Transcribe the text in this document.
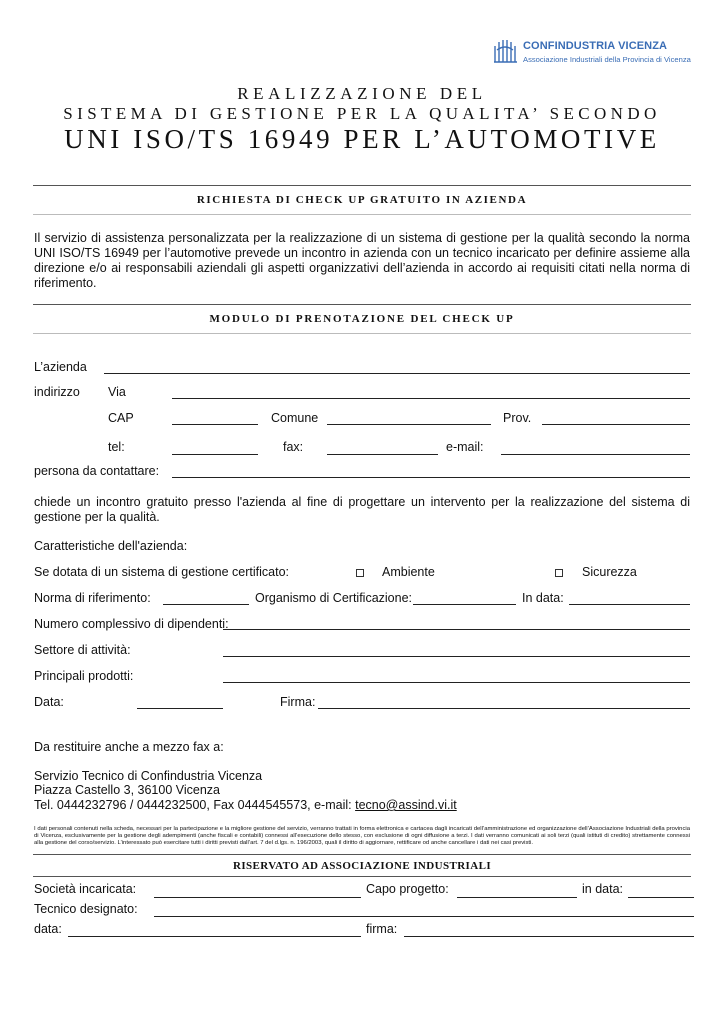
CONFINDUSTRIA VICENZA
Associazione Industriali della Provincia di Vicenza
REALIZZAZIONE DEL
SISTEMA DI GESTIONE PER LA QUALITA’ SECONDO
UNI ISO/TS 16949 PER L’AUTOMOTIVE
RICHIESTA DI CHECK UP GRATUITO IN AZIENDA
Il servizio di assistenza personalizzata per la realizzazione di un sistema di gestione per la qualità secondo la norma UNI ISO/TS 16949 per l’automotive prevede un incontro in azienda con un tecnico incaricato per definire assieme alla direzione e/o ai responsabili aziendali gli aspetti organizzativi dell’azienda in accordo ai requisiti citati nella norma di riferimento.
MODULO DI PRENOTAZIONE DEL CHECK UP
L’azienda
indirizzo Via
CAP	Comune	Prov.
tel:	fax:	e-mail:
persona da contattare:
chiede un incontro gratuito presso l'azienda al fine di progettare un intervento per la realizzazione del sistema di gestione per la qualità.
Caratteristiche dell'azienda:
Se dotata di un sistema di gestione certificato:	Ambiente	Sicurezza
Norma di riferimento:	Organismo di Certificazione:	In data:
Numero complessivo di dipendenti:
Settore di attività:
Principali prodotti:
Data:	Firma:
Da restituire anche a mezzo fax a:
Servizio Tecnico di Confindustria Vicenza
Piazza Castello 3, 36100 Vicenza
Tel. 0444232796 / 0444232500, Fax 0444545573, e-mail: tecno@assind.vi.it
I dati personali contenuti nella scheda, necessari per la partecipazione e la migliore gestione del servizio, verranno trattati in forma elettronica e cartacea dagli incaricati dell’amministrazione ed organizzazione dell’Associazione Industriali della provincia di Vicenza, esclusivamente per la gestione degli adempimenti (anche fiscali e contabili) connessi all’esecuzione dello stesso, con esclusione di ogni diffusione a terzi. I dati verranno comunicati ai soli terzi (quali istituti di credito) strettamente connessi alla gestione del corso/servizio. L’interessato può esercitare tutti i diritti previsti dall’art. 7 del d.lgs. n. 196/2003, quali il diritto di aggiornare, rettificare od anche cancellare i dati nei casi previsti.
RISERVATO AD ASSOCIAZIONE INDUSTRIALI
Società incaricata:	Capo progetto:	in data:
Tecnico designato:
data:	firma:
